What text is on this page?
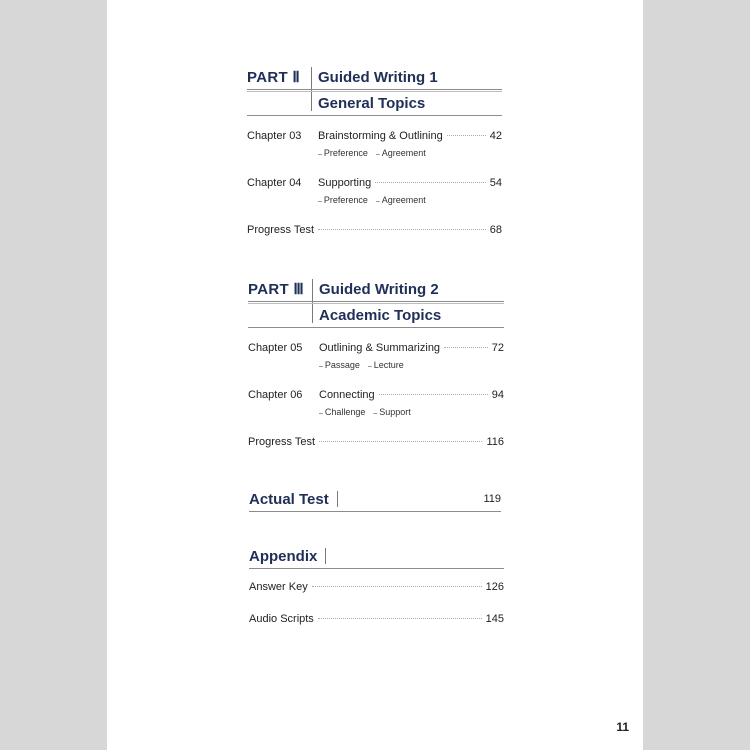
PART Ⅱ	Guided Writing 1
General Topics
Chapter 03	Brainstorming & Outlining	42
– Preference	– Agreement
Chapter 04	Supporting	54
– Preference	– Agreement
Progress Test	68
PART Ⅲ Guided Writing 2
Academic Topics
Chapter 05	Outlining & Summarizing	72
– Passage	– Lecture
Chapter 06	Connecting	94
– Challenge	– Support
Progress Test	116
Actual Test	119
Appendix
Answer Key	126
Audio Scripts	145
11
